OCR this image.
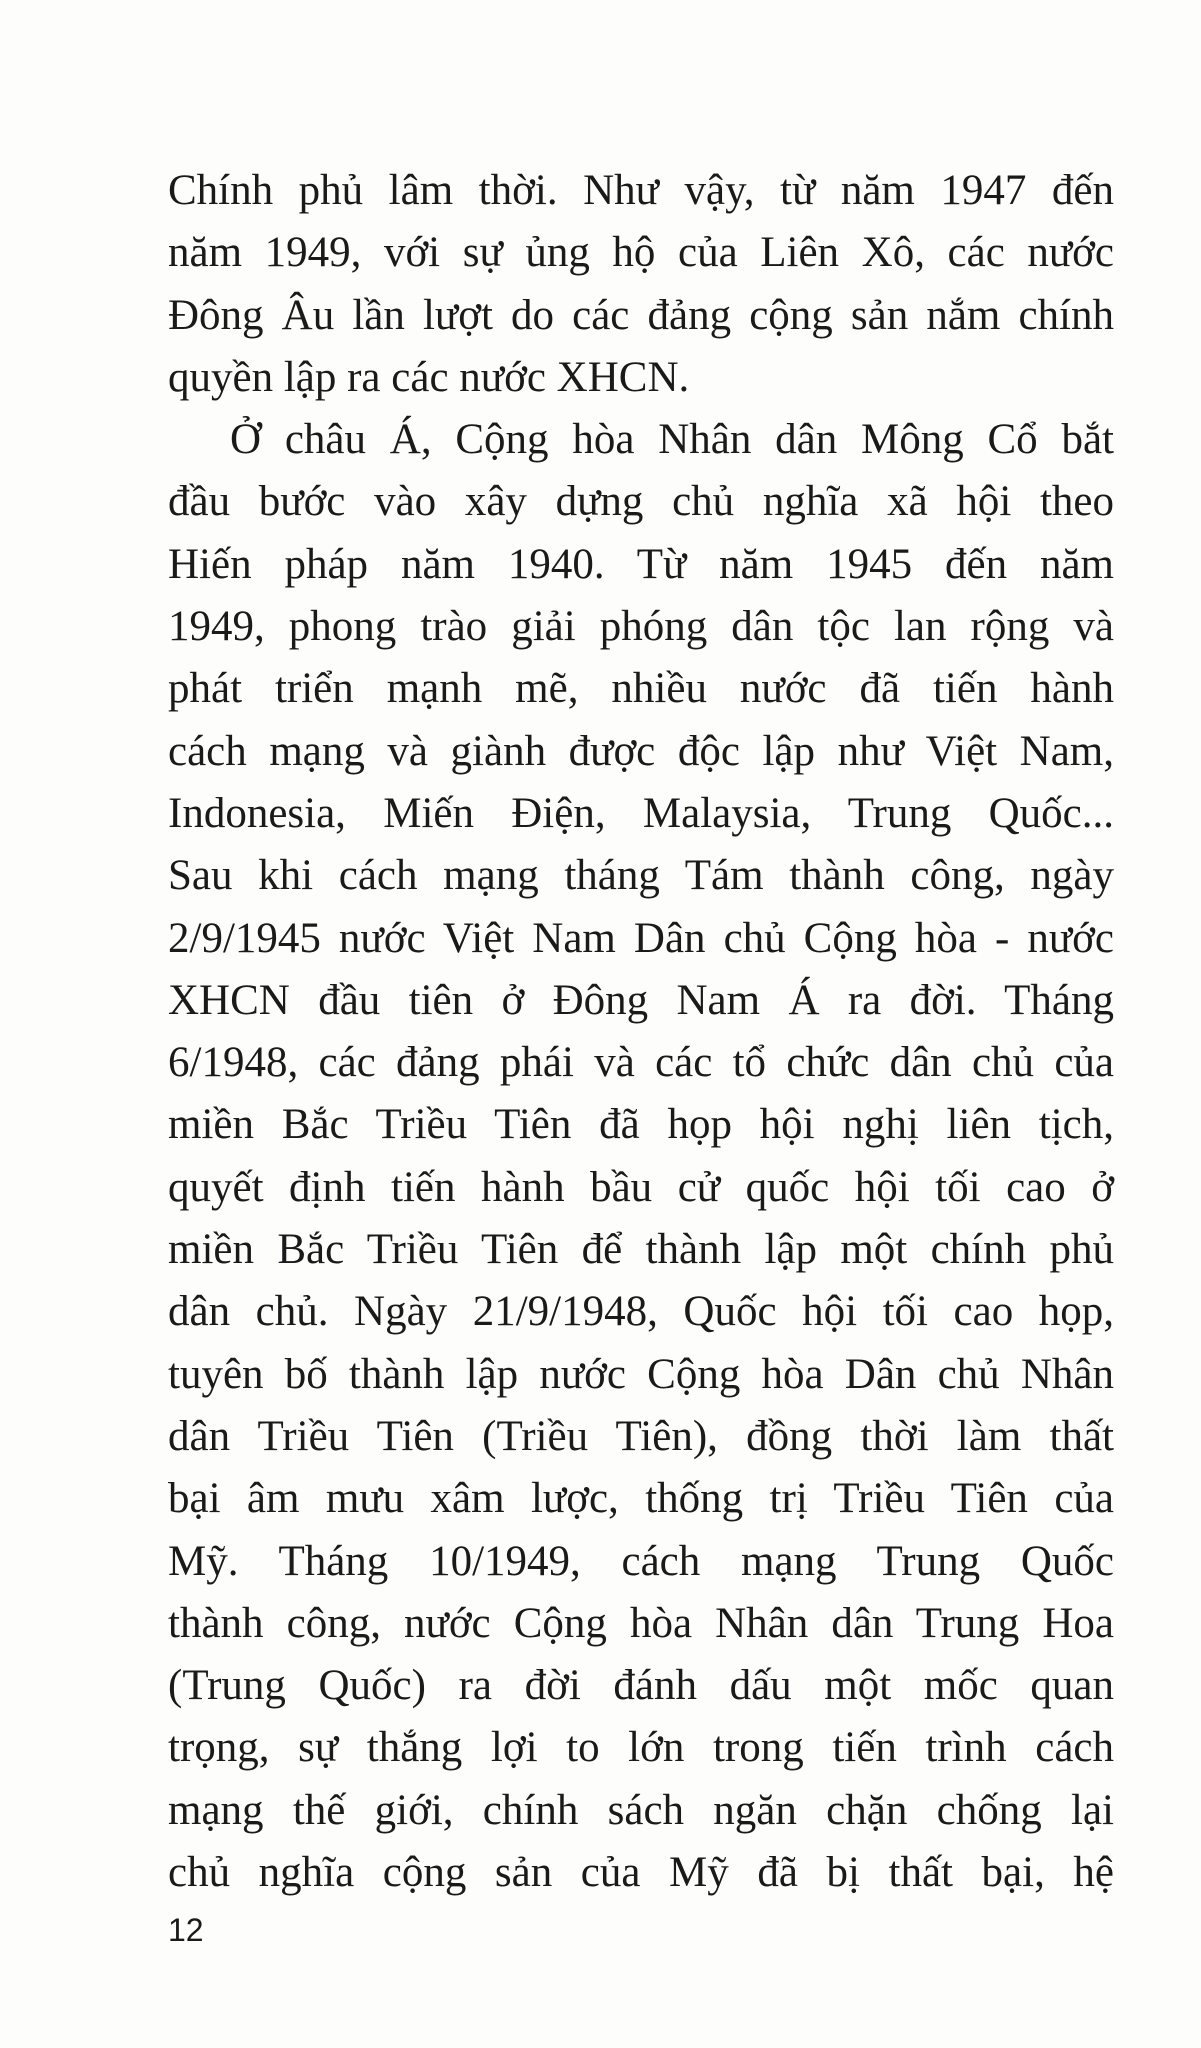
Chính phủ lâm thời. Như vậy, từ năm 1947 đến
năm 1949, với sự ủng hộ của Liên Xô, các nước
Đông Âu lần lượt do các đảng cộng sản nắm chính
quyền lập ra các nước XHCN.
Ở châu Á, Cộng hòa Nhân dân Mông Cổ bắt
đầu bước vào xây dựng chủ nghĩa xã hội theo
Hiến pháp năm 1940. Từ năm 1945 đến năm
1949, phong trào giải phóng dân tộc lan rộng và
phát triển mạnh mẽ, nhiều nước đã tiến hành
cách mạng và giành được độc lập như Việt Nam,
Indonesia, Miến Điện, Malaysia, Trung Quốc...
Sau khi cách mạng tháng Tám thành công, ngày
2/9/1945 nước Việt Nam Dân chủ Cộng hòa - nước
XHCN đầu tiên ở Đông Nam Á ra đời. Tháng
6/1948, các đảng phái và các tổ chức dân chủ của
miền Bắc Triều Tiên đã họp hội nghị liên tịch,
quyết định tiến hành bầu cử quốc hội tối cao ở
miền Bắc Triều Tiên để thành lập một chính phủ
dân chủ. Ngày 21/9/1948, Quốc hội tối cao họp,
tuyên bố thành lập nước Cộng hòa Dân chủ Nhân
dân Triều Tiên (Triều Tiên), đồng thời làm thất
bại âm mưu xâm lược, thống trị Triều Tiên của
Mỹ. Tháng 10/1949, cách mạng Trung Quốc
thành công, nước Cộng hòa Nhân dân Trung Hoa
(Trung Quốc) ra đời đánh dấu một mốc quan
trọng, sự thắng lợi to lớn trong tiến trình cách
mạng thế giới, chính sách ngăn chặn chống lại
chủ nghĩa cộng sản của Mỹ đã bị thất bại, hệ
12
